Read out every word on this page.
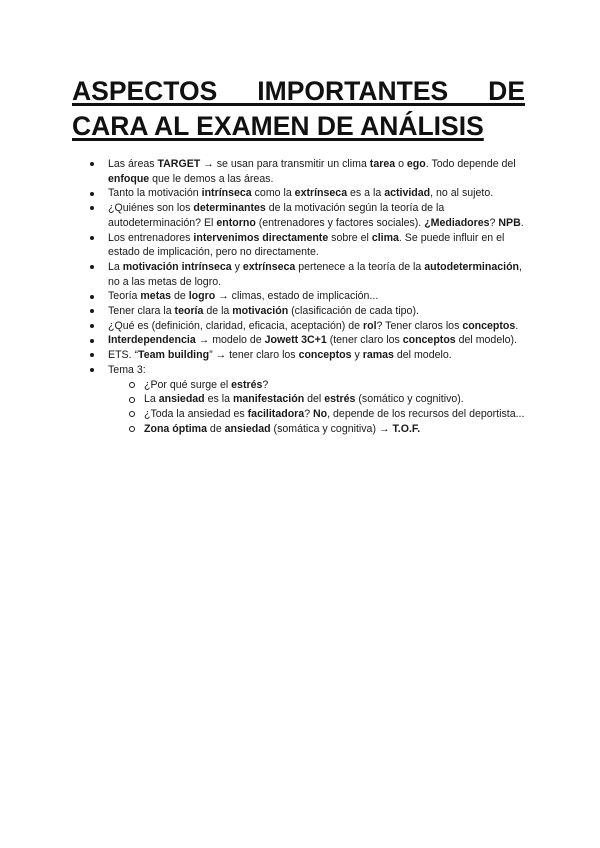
ASPECTOS IMPORTANTES DE
CARA AL EXAMEN DE ANÁLISIS
Las áreas TARGET → se usan para transmitir un clima tarea o ego. Todo depende del enfoque que le demos a las áreas.
Tanto la motivación intrínseca como la extrínseca es a la actividad, no al sujeto.
¿Quiénes son los determinantes de la motivación según la teoría de la autodeterminación? El entorno (entrenadores y factores sociales). ¿Mediadores? NPB.
Los entrenadores intervenimos directamente sobre el clima. Se puede influir en el estado de implicación, pero no directamente.
La motivación intrínseca y extrínseca pertenece a la teoría de la autodeterminación, no a las metas de logro.
Teoría metas de logro → climas, estado de implicación...
Tener clara la teoría de la motivación (clasificación de cada tipo).
¿Qué es (definición, claridad, eficacia, aceptación) de rol? Tener claros los conceptos.
Interdependencia → modelo de Jowett 3C+1 (tener claro los conceptos del modelo).
ETS. “Team building” → tener claro los conceptos y ramas del modelo.
Tema 3:
¿Por qué surge el estrés?
La ansiedad es la manifestación del estrés (somático y cognitivo).
¿Toda la ansiedad es facilitadora? No, depende de los recursos del deportista...
Zona óptima de ansiedad (somática y cognitiva) → T.O.F.
